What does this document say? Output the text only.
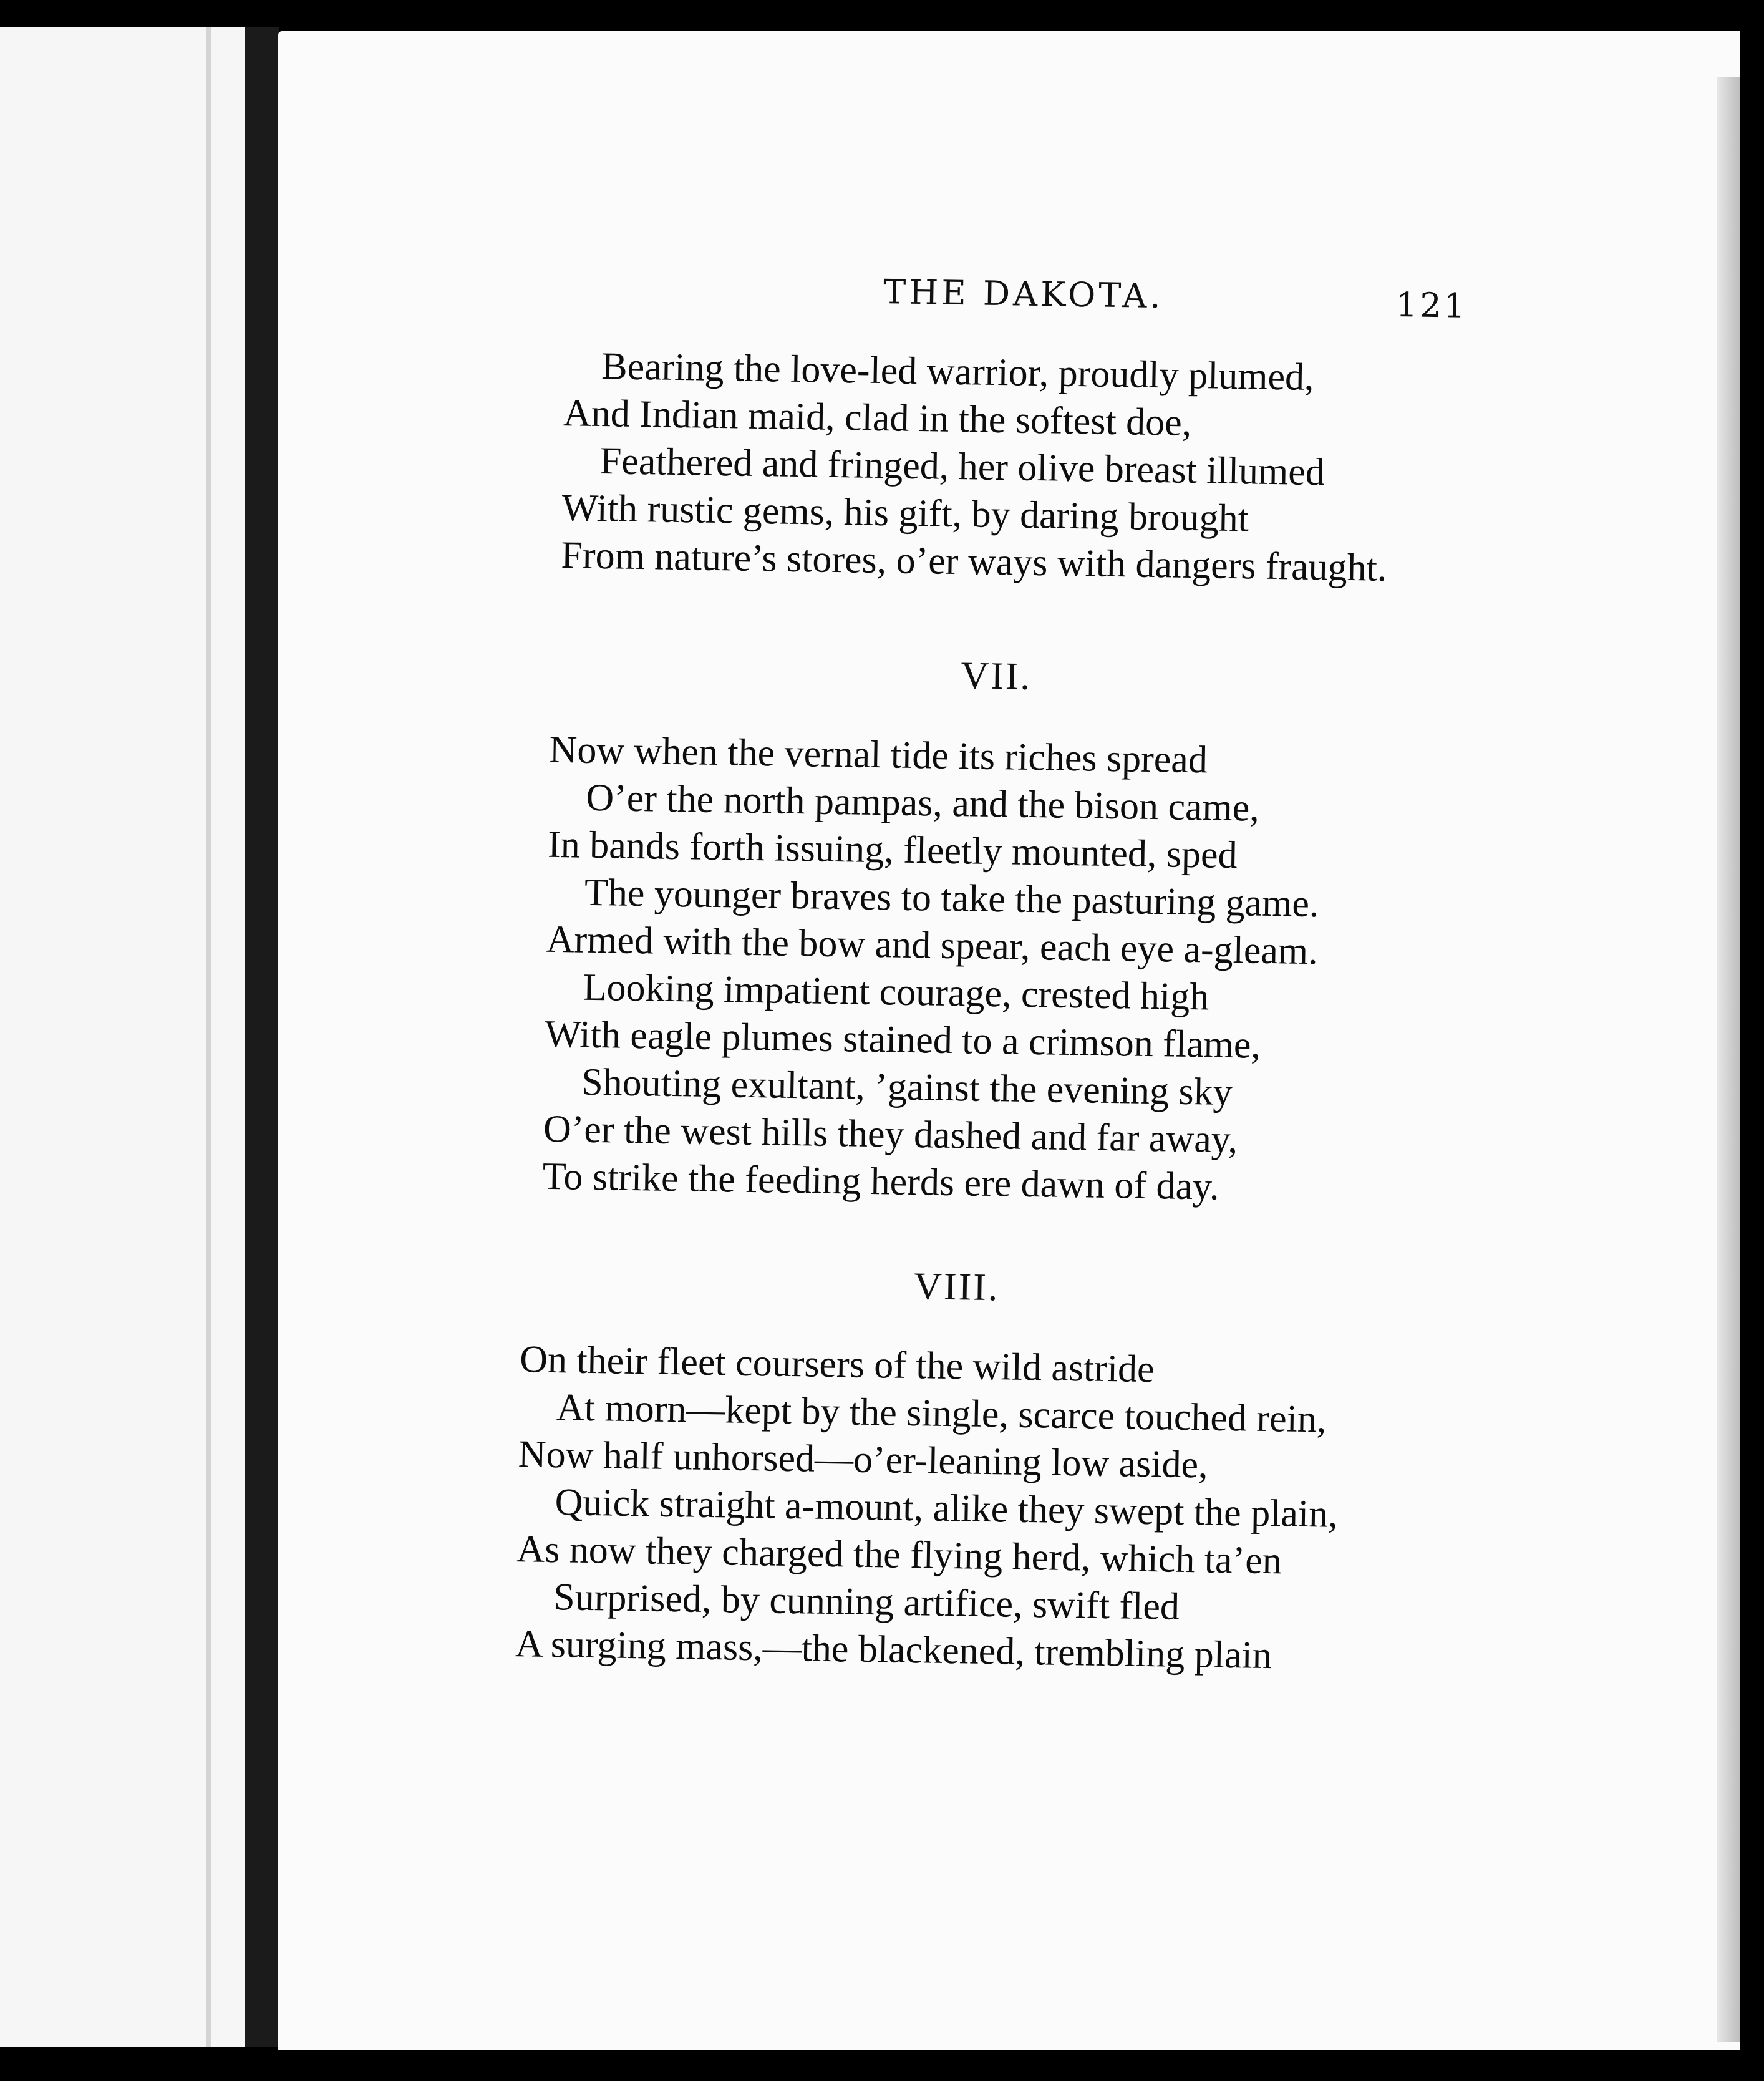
THE DAKOTA.	121
Bearing the love-led warrior, proudly plumed,
And Indian maid, clad in the softest doe,
Feathered and fringed, her olive breast illumed
With rustic gems, his gift, by daring brought
From nature’s stores, o’er ways with dangers fraught.
VII.
Now when the vernal tide its riches spread
O’er the north pampas, and the bison came,
In bands forth issuing, fleetly mounted, sped
The younger braves to take the pasturing game.
Armed with the bow and spear, each eye a-gleam.
Looking impatient courage, crested high
With eagle plumes stained to a crimson flame,
Shouting exultant, ’gainst the evening sky
O’er the west hills they dashed and far away,
To strike the feeding herds ere dawn of day.
VIII.
On their fleet coursers of the wild astride
At morn—kept by the single, scarce touched rein,
Now half unhorsed—o’er-leaning low aside,
Quick straight a-mount, alike they swept the plain,
As now they charged the flying herd, which ta’en
Surprised, by cunning artifice, swift fled
A surging mass,—the blackened, trembling plain
